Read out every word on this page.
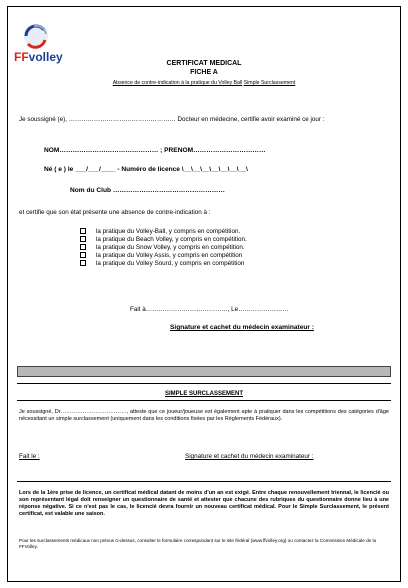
FFvolley	CERTIFICAT MEDICAL
FICHE A
Absence de contre-indication à la pratique du Volley Ball Simple Surclassement
Je soussigné (e), …………………………………………… Docteur en médecine, certifie avoir examiné ce jour :
NOM……………………………………… ; PRENOM……………………………
Né ( e ) le ___/___/____ - Numéro de licence \__\__\__\__\__\__\__\
Nom du Club ……………………………………………
et certifie que son état présente une absence de contre-indication à :
la pratique du Volley-Ball, y compris en compétition.
la pratique du Beach Volley, y compris en compétition.
la pratique du Snow Volley, y compris en compétition.
la pratique du Volley Assis, y compris en compétition
la pratique du Volley Sourd, y compris en compétition
Fait à…………………………………, Le……………………
Signature et cachet du médecin examinateur :
SIMPLE SURCLASSEMENT
Je soussigné, Dr………………………………, atteste que ce joueur/joueuse est également apte à pratiquer dans les compétitions des catégories d'âge nécessitant un simple surclassement (uniquement dans les conditions fixées par les Règlements Fédéraux).
Fait le :	Signature et cachet du médecin examinateur :
Lors de la 1ère prise de licence, un certificat médical datant de moins d'un an est exigé. Entre chaque renouvellement triennal, le licencié ou son représentant légal doit renseigner un questionnaire de santé et attester que chacune des rubriques du questionnaire donne lieu à une réponse négative. Si ce n'est pas le cas, le licencié devra fournir un nouveau certificat médical. Pour le Simple Surclassement, le présent certificat, est valable une saison.
Pour les surclassements médicaux non prévus ci-dessus, consulter le formulaire correspondant sur le site fédéral (www.ffvolley.org) ou contactez la Commission Médicale de la FFVolley.
